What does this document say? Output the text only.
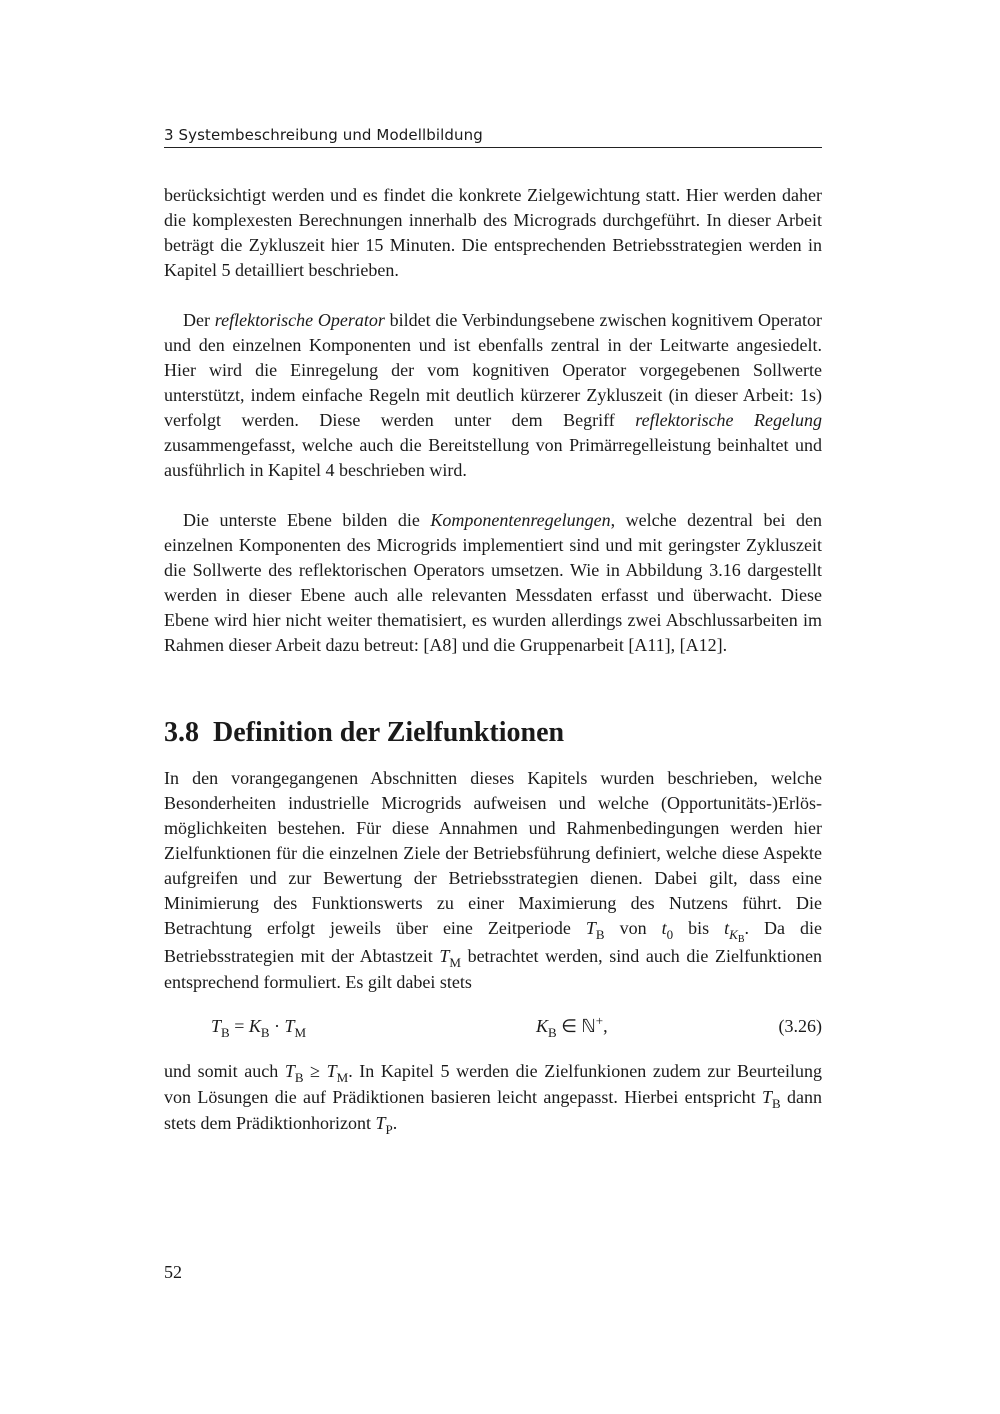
3 Systembeschreibung und Modellbildung

berücksichtigt werden und es findet die konkrete Zielgewichtung statt. Hier werden daher die komplexesten Berechnungen innerhalb des Micrograds durchgeführt. In dieser Arbeit beträgt die Zykluszeit hier 15 Minuten. Die entsprechenden Betriebsstrategien werden in Kapitel 5 detailliert beschrieben.

Der reflektorische Operator bildet die Verbindungsebene zwischen kognitivem Operator und den einzelnen Komponenten und ist ebenfalls zentral in der Leitwarte angesiedelt. Hier wird die Einregelung der vom kognitiven Operator vorgegebenen Sollwerte unterstützt, indem einfache Regeln mit deutlich kürzerer Zykluszeit (in dieser Arbeit: 1s) verfolgt werden. Diese werden unter dem Begriff reflektorische Regelung zusammengefasst, welche auch die Bereitstellung von Primärregelleistung beinhaltet und ausführlich in Kapitel 4 beschrieben wird.

Die unterste Ebene bilden die Komponentenregelungen, welche dezentral bei den einzelnen Komponenten des Microgrids implementiert sind und mit geringster Zykluszeit die Sollwerte des reflektorischen Operators umsetzen. Wie in Abbildung 3.16 dargestellt werden in dieser Ebene auch alle relevanten Messdaten erfasst und überwacht. Diese Ebene wird hier nicht weiter thematisiert, es wurden allerdings zwei Abschlussarbeiten im Rahmen dieser Arbeit dazu betreut: [A8] und die Gruppenarbeit [A11], [A12].

3.8 Definition der Zielfunktionen

In den vorangegangenen Abschnitten dieses Kapitels wurden beschrieben, welche Besonderheiten industrielle Microgrids aufweisen und welche (Opportunitäts-)Erlösmöglichkeiten bestehen. Für diese Annahmen und Rahmenbedingungen werden hier Zielfunktionen für die einzelnen Ziele der Betriebsführung definiert, welche diese Aspekte aufgreifen und zur Bewertung der Betriebsstrategien dienen. Dabei gilt, dass eine Minimierung des Funktionswerts zu einer Maximierung des Nutzens führt. Die Betrachtung erfolgt jeweils über eine Zeitperiode $T_B$ von $t_0$ bis $t_{K_B}$. Da die Betriebsstrategien mit der Abtastzeit $T_M$ betrachtet werden, sind auch die Zielfunktionen entsprechend formuliert. Es gilt dabei stets

$T_B = K_B \cdot T_M$	$K_B$ ∈ ℕ+,	(3.26)

und somit auch $T_B \ge T_M$. In Kapitel 5 werden die Zielfunkionen zudem zur Beurteilung von Lösungen die auf Prädiktionen basieren leicht angepasst. Hierbei entspricht $T_B$ dann stets dem Prädiktionhorizont $T_P$.

52
